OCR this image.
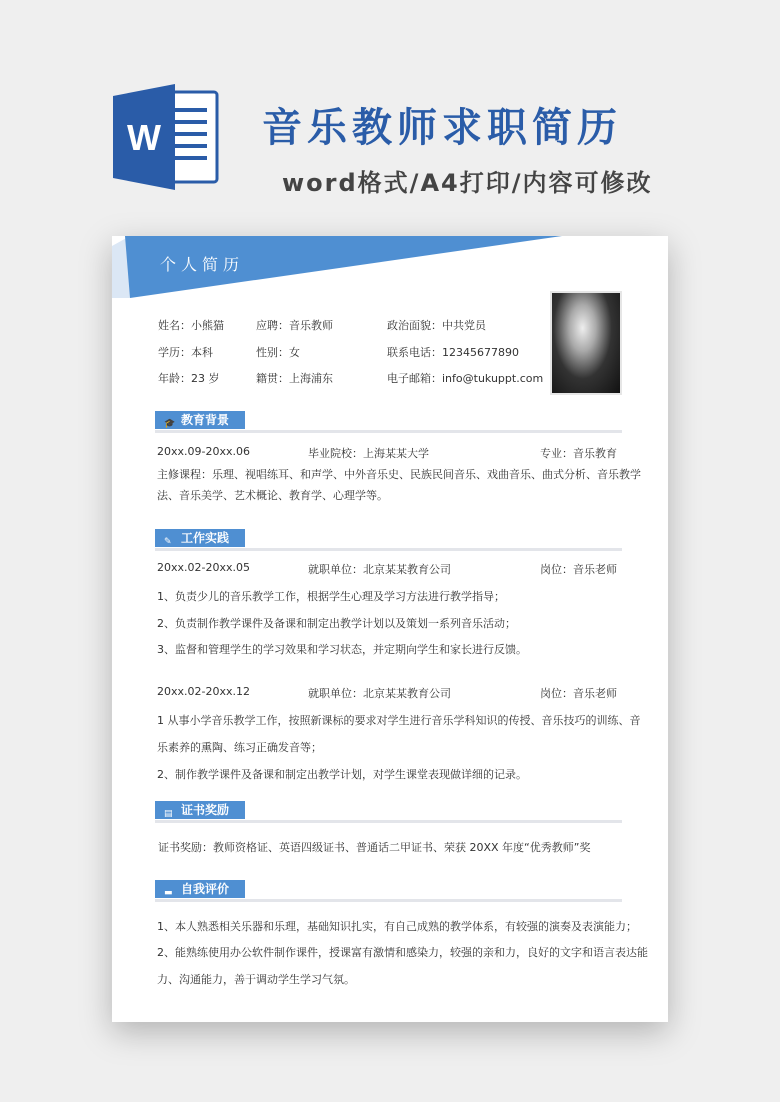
W	音乐教师求职简历
word格式/A4打印/内容可修改
个人简历
姓名：小熊猫	应聘：音乐教师	政治面貌：中共党员
学历：本科	性别：女	联系电话：12345677890
年龄：23 岁	籍贯：上海浦东	电子邮箱：info@tukuppt.com
🎓 教育背景
20xx.09-20xx.06	毕业院校：上海某某大学	专业：音乐教育
主修课程：乐理、视唱练耳、和声学、中外音乐史、民族民间音乐、戏曲音乐、曲式分析、音乐教学
法、音乐美学、艺术概论、教育学、心理学等。
✎ 工作实践
20xx.02-20xx.05	就职单位：北京某某教育公司	岗位：音乐老师
1、负责少儿的音乐教学工作，根据学生心理及学习方法进行教学指导；
2、负责制作教学课件及备课和制定出教学计划以及策划一系列音乐活动；
3、监督和管理学生的学习效果和学习状态，并定期向学生和家长进行反馈。
20xx.02-20xx.12	就职单位：北京某某教育公司	岗位：音乐老师
1 从事小学音乐教学工作，按照新课标的要求对学生进行音乐学科知识的传授、音乐技巧的训练、音
乐素养的熏陶、练习正确发音等；
2、制作教学课件及备课和制定出教学计划，对学生课堂表现做详细的记录。
▤ 证书奖励
证书奖励：教师资格证、英语四级证书、普通话二甲证书、荣获 20XX 年度“优秀教师”奖
▬ 自我评价
1、本人熟悉相关乐器和乐理，基础知识扎实，有自己成熟的教学体系，有较强的演奏及表演能力；
2、能熟练使用办公软件制作课件，授课富有激情和感染力，较强的亲和力，良好的文字和语言表达能
力、沟通能力，善于调动学生学习气氛。
